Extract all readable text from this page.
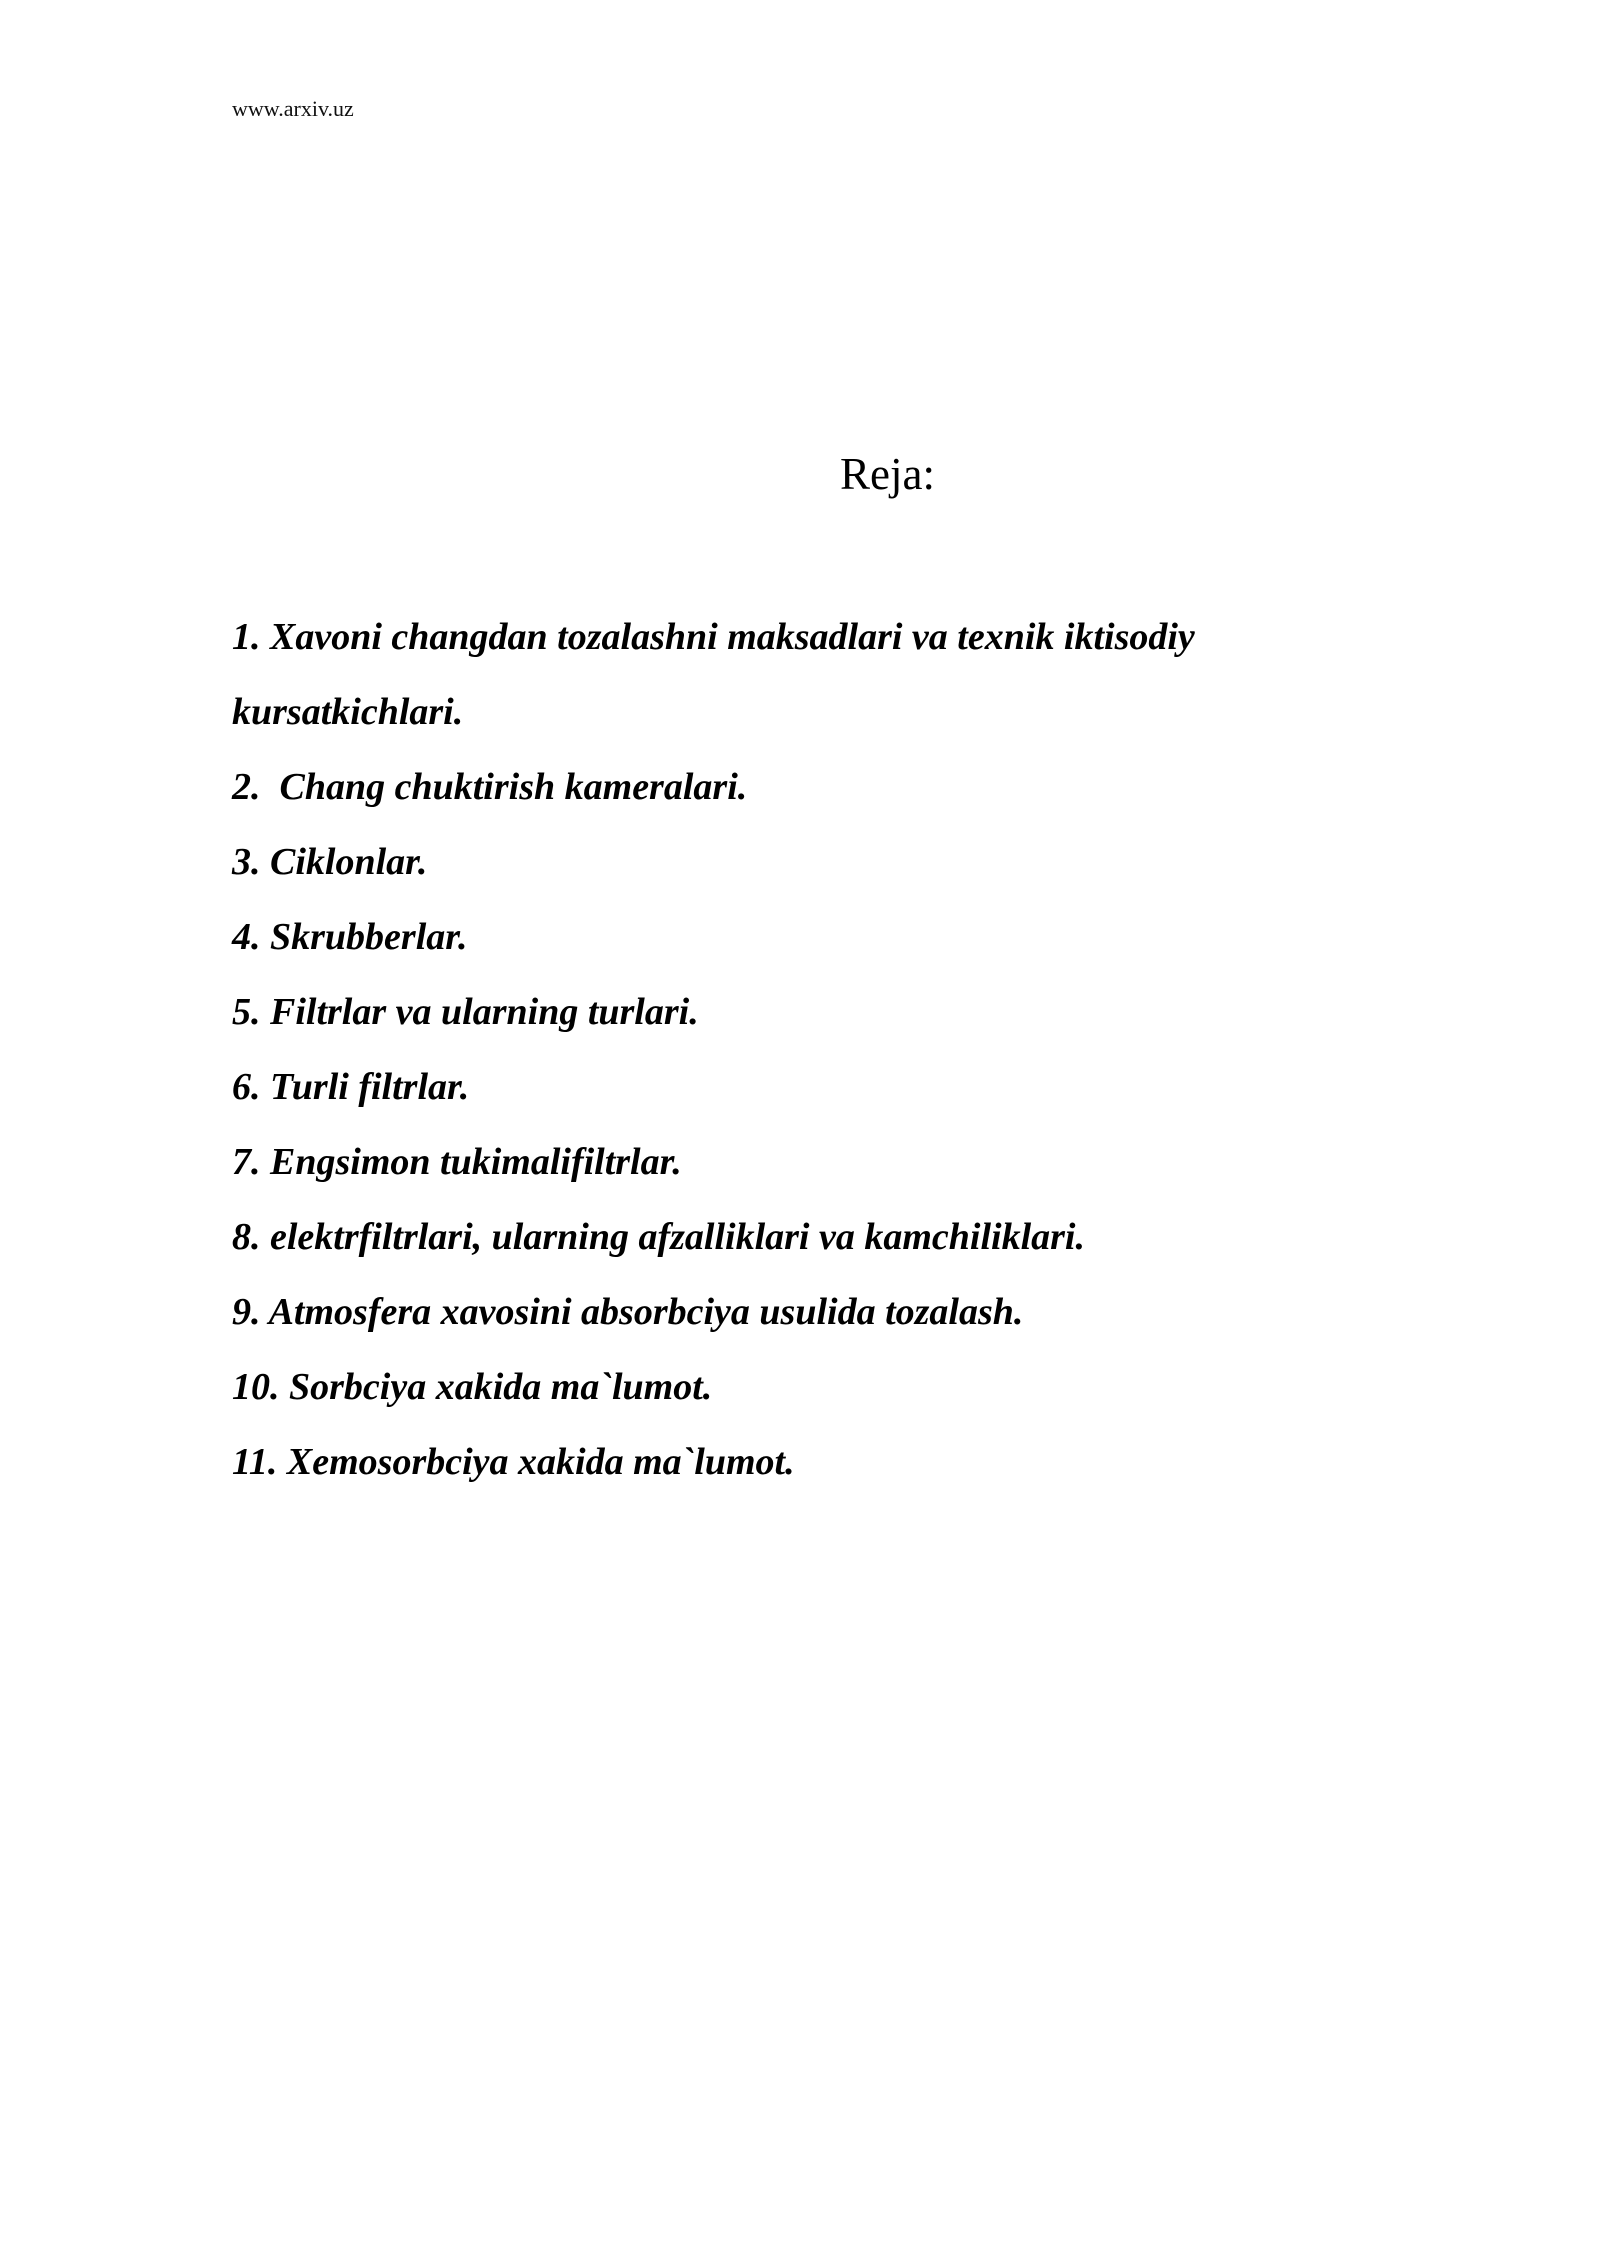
www.arxiv.uz
Reja:
1. Xavoni changdan tozalashni maksadlari va texnik iktisodiy
kursatkichlari.
2.  Chang chuktirish kameralari.
3. Ciklonlar.
4. Skrubberlar.
5. Filtrlar va ularning turlari.
6. Turli filtrlar.
7. Engsimon tukimalifiltrlar.
8. elektrfiltrlari, ularning afzalliklari va kamchiliklari.
9. Atmosfera xavosini absorbciya usulida tozalash.
10. Sorbciya xakida ma`lumot.
11. Xemosorbciya xakida ma`lumot.
